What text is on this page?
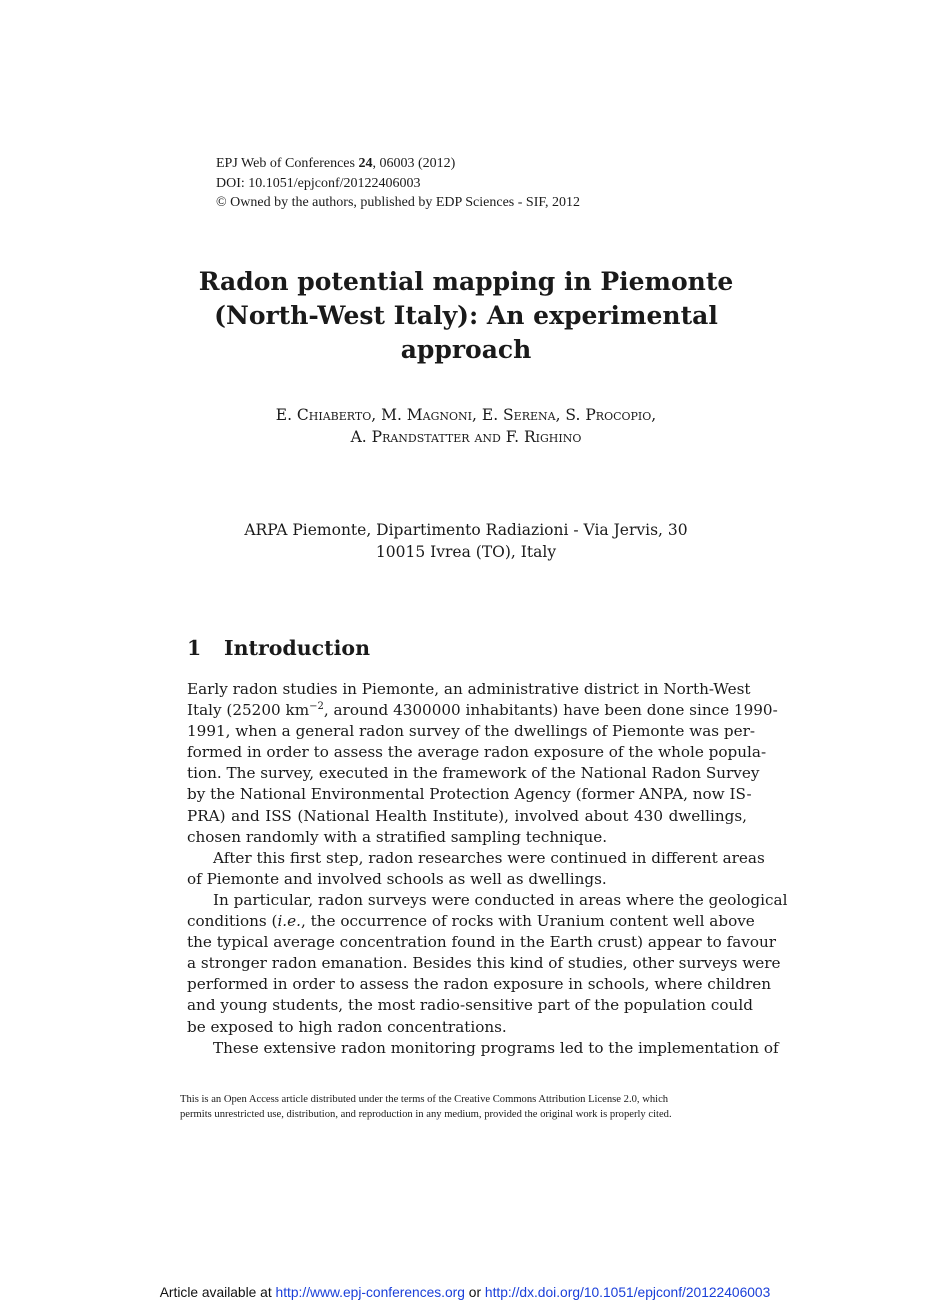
EPJ Web of Conferences 24, 06003 (2012)
DOI: 10.1051/epjconf/20122406003
© Owned by the authors, published by EDP Sciences - SIF, 2012
Radon potential mapping in Piemonte
(North-West Italy): An experimental
approach
E. Chiaberto, M. Magnoni, E. Serena, S. Procopio,
A. Prandstatter and F. Righino
ARPA Piemonte, Dipartimento Radiazioni - Via Jervis, 30
10015 Ivrea (TO), Italy
1 Introduction
Early radon studies in Piemonte, an administrative district in North-West
Italy (25200 $km^{-2}$, around 4300000 inhabitants) have been done since 1990-
1991, when a general radon survey of the dwellings of Piemonte was per-
formed in order to assess the average radon exposure of the whole popula-
tion. The survey, executed in the framework of the National Radon Survey
by the National Environmental Protection Agency (former ANPA, now IS-
PRA) and ISS (National Health Institute), involved about 430 dwellings,
chosen randomly with a stratified sampling technique.
After this first step, radon researches were continued in different areas
of Piemonte and involved schools as well as dwellings.
In particular, radon surveys were conducted in areas where the geological
conditions (i.e., the occurrence of rocks with Uranium content well above
the typical average concentration found in the Earth crust) appear to favour
a stronger radon emanation. Besides this kind of studies, other surveys were
performed in order to assess the radon exposure in schools, where children
and young students, the most radio-sensitive part of the population could
be exposed to high radon concentrations.
These extensive radon monitoring programs led to the implementation of
This is an Open Access article distributed under the terms of the Creative Commons Attribution License 2.0, which
permits unrestricted use, distribution, and reproduction in any medium, provided the original work is properly cited.
Article available at http://www.epj-conferences.org or http://dx.doi.org/10.1051/epjconf/20122406003
